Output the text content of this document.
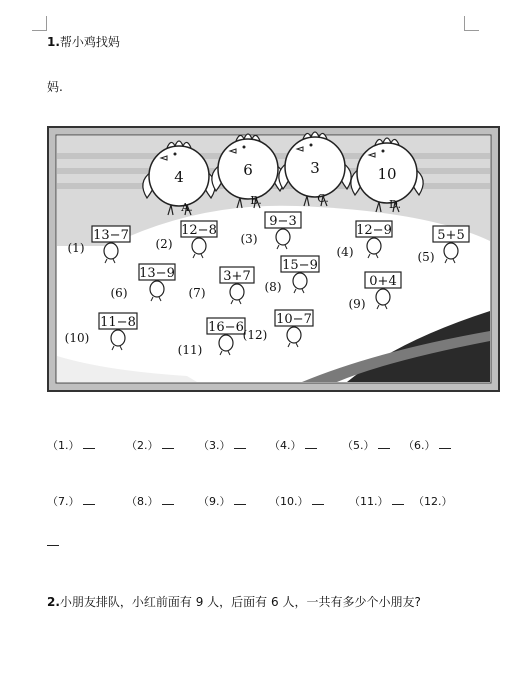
1.帮小鸡找妈
妈.
4
A.
6
B.
3
C.
10
D.
13−7
(1)
12−8
(2)
9−3
(3)
12−9
(4)
5+5
(5)
13−9
(6)
3+7
(7)
15−9
(8)	0+4
(9)
11−8
(10)
16−6
(11)
10−7
(12)
（1.）	（2.）	（3.）	（4.）	（5.）	（6.）
（7.）	（8.）	（9.）	（10.）	（11.）	（12.）
2.小朋友排队，小红前面有 9 人，后面有 6 人，一共有多少个小朋友?
